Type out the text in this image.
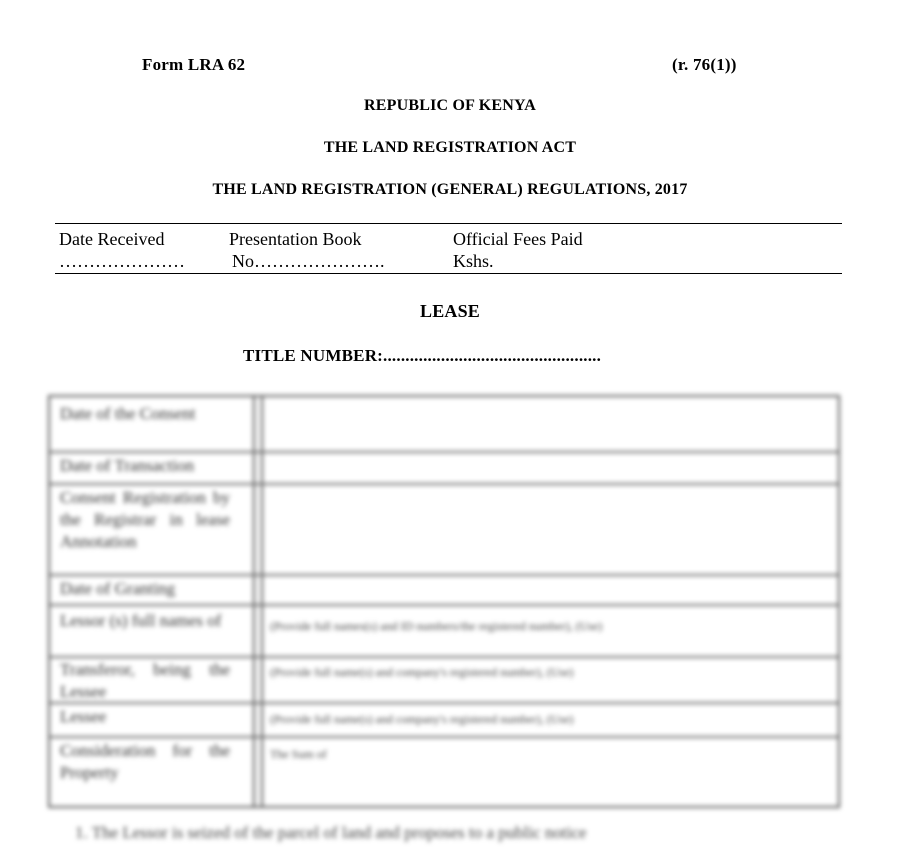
Form LRA 62	(r. 76(1))
REPUBLIC OF KENYA
THE LAND REGISTRATION ACT
THE LAND REGISTRATION (GENERAL) REGULATIONS, 2017
Date Received
…………………
Presentation Book
No………………….
Official Fees Paid
Kshs.
LEASE
TITLE NUMBER:.................................................
Date of the Consent
Date of Transaction
Consent Registration by the Registrar in lease Annotation
Date of Granting
Lessor (s) full names of
Transferor, being the Lessee
Lessee
Consideration for the Property
(Provide full names(s) and ID numbers/the registered number), (Use)
(Provide full name(s) and company's registered number), (Use)
(Provide full name(s) and company's registered number), (Use)
The Sum of
1. The Lessor is seized of the parcel of land and proposes to a public notice
